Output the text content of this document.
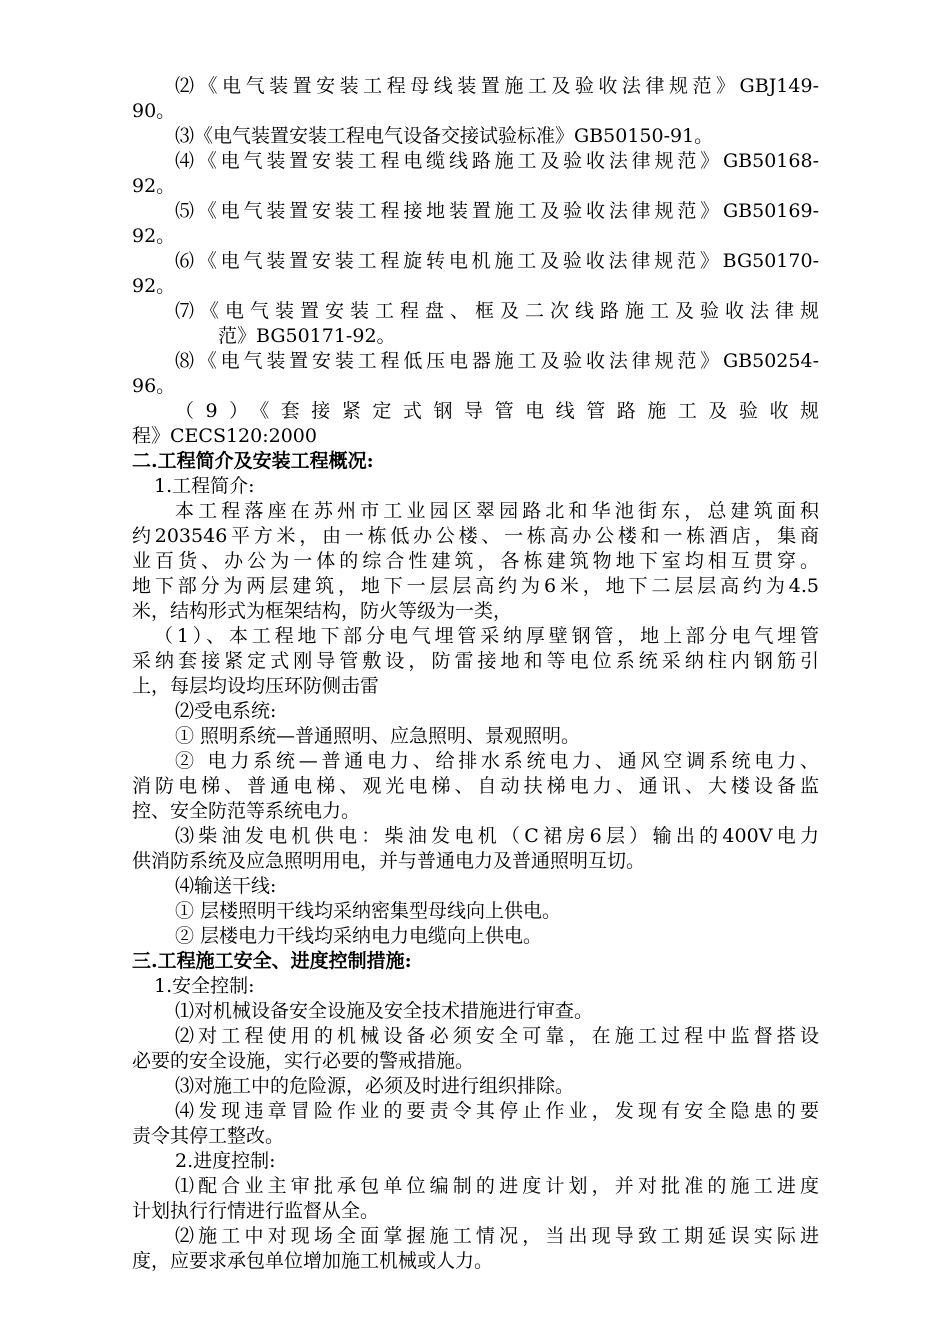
⑵《电气装置安装工程母线装置施工及验收法律规范》GBJ149-
90。
⑶《电气装置安装工程电气设备交接试验标准》GB50150-91。
⑷《电气装置安装工程电缆线路施工及验收法律规范》GB50168-
92。
⑸《电气装置安装工程接地装置施工及验收法律规范》GB50169-
92。
⑹《电气装置安装工程旋转电机施工及验收法律规范》BG50170-
92。
⑺《电气装置安装工程盘、框及二次线路施工及验收法律规
范》BG50171-92。
⑻《电气装置安装工程低压电器施工及验收法律规范》GB50254-
96。
（9）《套接紧定式钢导管电线管路施工及验收规
程》CECS120:2000
二.工程简介及安装工程概况:
1.工程简介:
本工程落座在苏州市工业园区翠园路北和华池街东，总建筑面积
约203546平方米，由一栋低办公楼、一栋高办公楼和一栋酒店，集商
业百货、办公为一体的综合性建筑，各栋建筑物地下室均相互贯穿。
地下部分为两层建筑，地下一层层高约为6米，地下二层层高约为4.5
米，结构形式为框架结构，防火等级为一类，
（1）、本工程地下部分电气埋管采纳厚壁钢管，地上部分电气埋管
采纳套接紧定式刚导管敷设，防雷接地和等电位系统采纳柱内钢筋引
上，每层均设均压环防侧击雷
⑵受电系统:
① 照明系统—普通照明、应急照明、景观照明。
② 电力系统—普通电力、给排水系统电力、通风空调系统电力、
消防电梯、普通电梯、观光电梯、自动扶梯电力、通讯、大楼设备监
控、安全防范等系统电力。
⑶柴油发电机供电：柴油发电机（C裙房6层）输出的400V电力
供消防系统及应急照明用电，并与普通电力及普通照明互切。
⑷输送干线:
① 层楼照明干线均采纳密集型母线向上供电。
② 层楼电力干线均采纳电力电缆向上供电。
三.工程施工安全、进度控制措施:
1.安全控制:
⑴对机械设备安全设施及安全技术措施进行审查。
⑵对工程使用的机械设备必须安全可靠，在施工过程中监督搭设
必要的安全设施，实行必要的警戒措施。
⑶对施工中的危险源，必须及时进行组织排除。
⑷发现违章冒险作业的要责令其停止作业，发现有安全隐患的要
责令其停工整改。
2.进度控制:
⑴配合业主审批承包单位编制的进度计划，并对批准的施工进度
计划执行行情进行监督从全。
⑵施工中对现场全面掌握施工情况，当出现导致工期延误实际进
度，应要求承包单位增加施工机械或人力。
